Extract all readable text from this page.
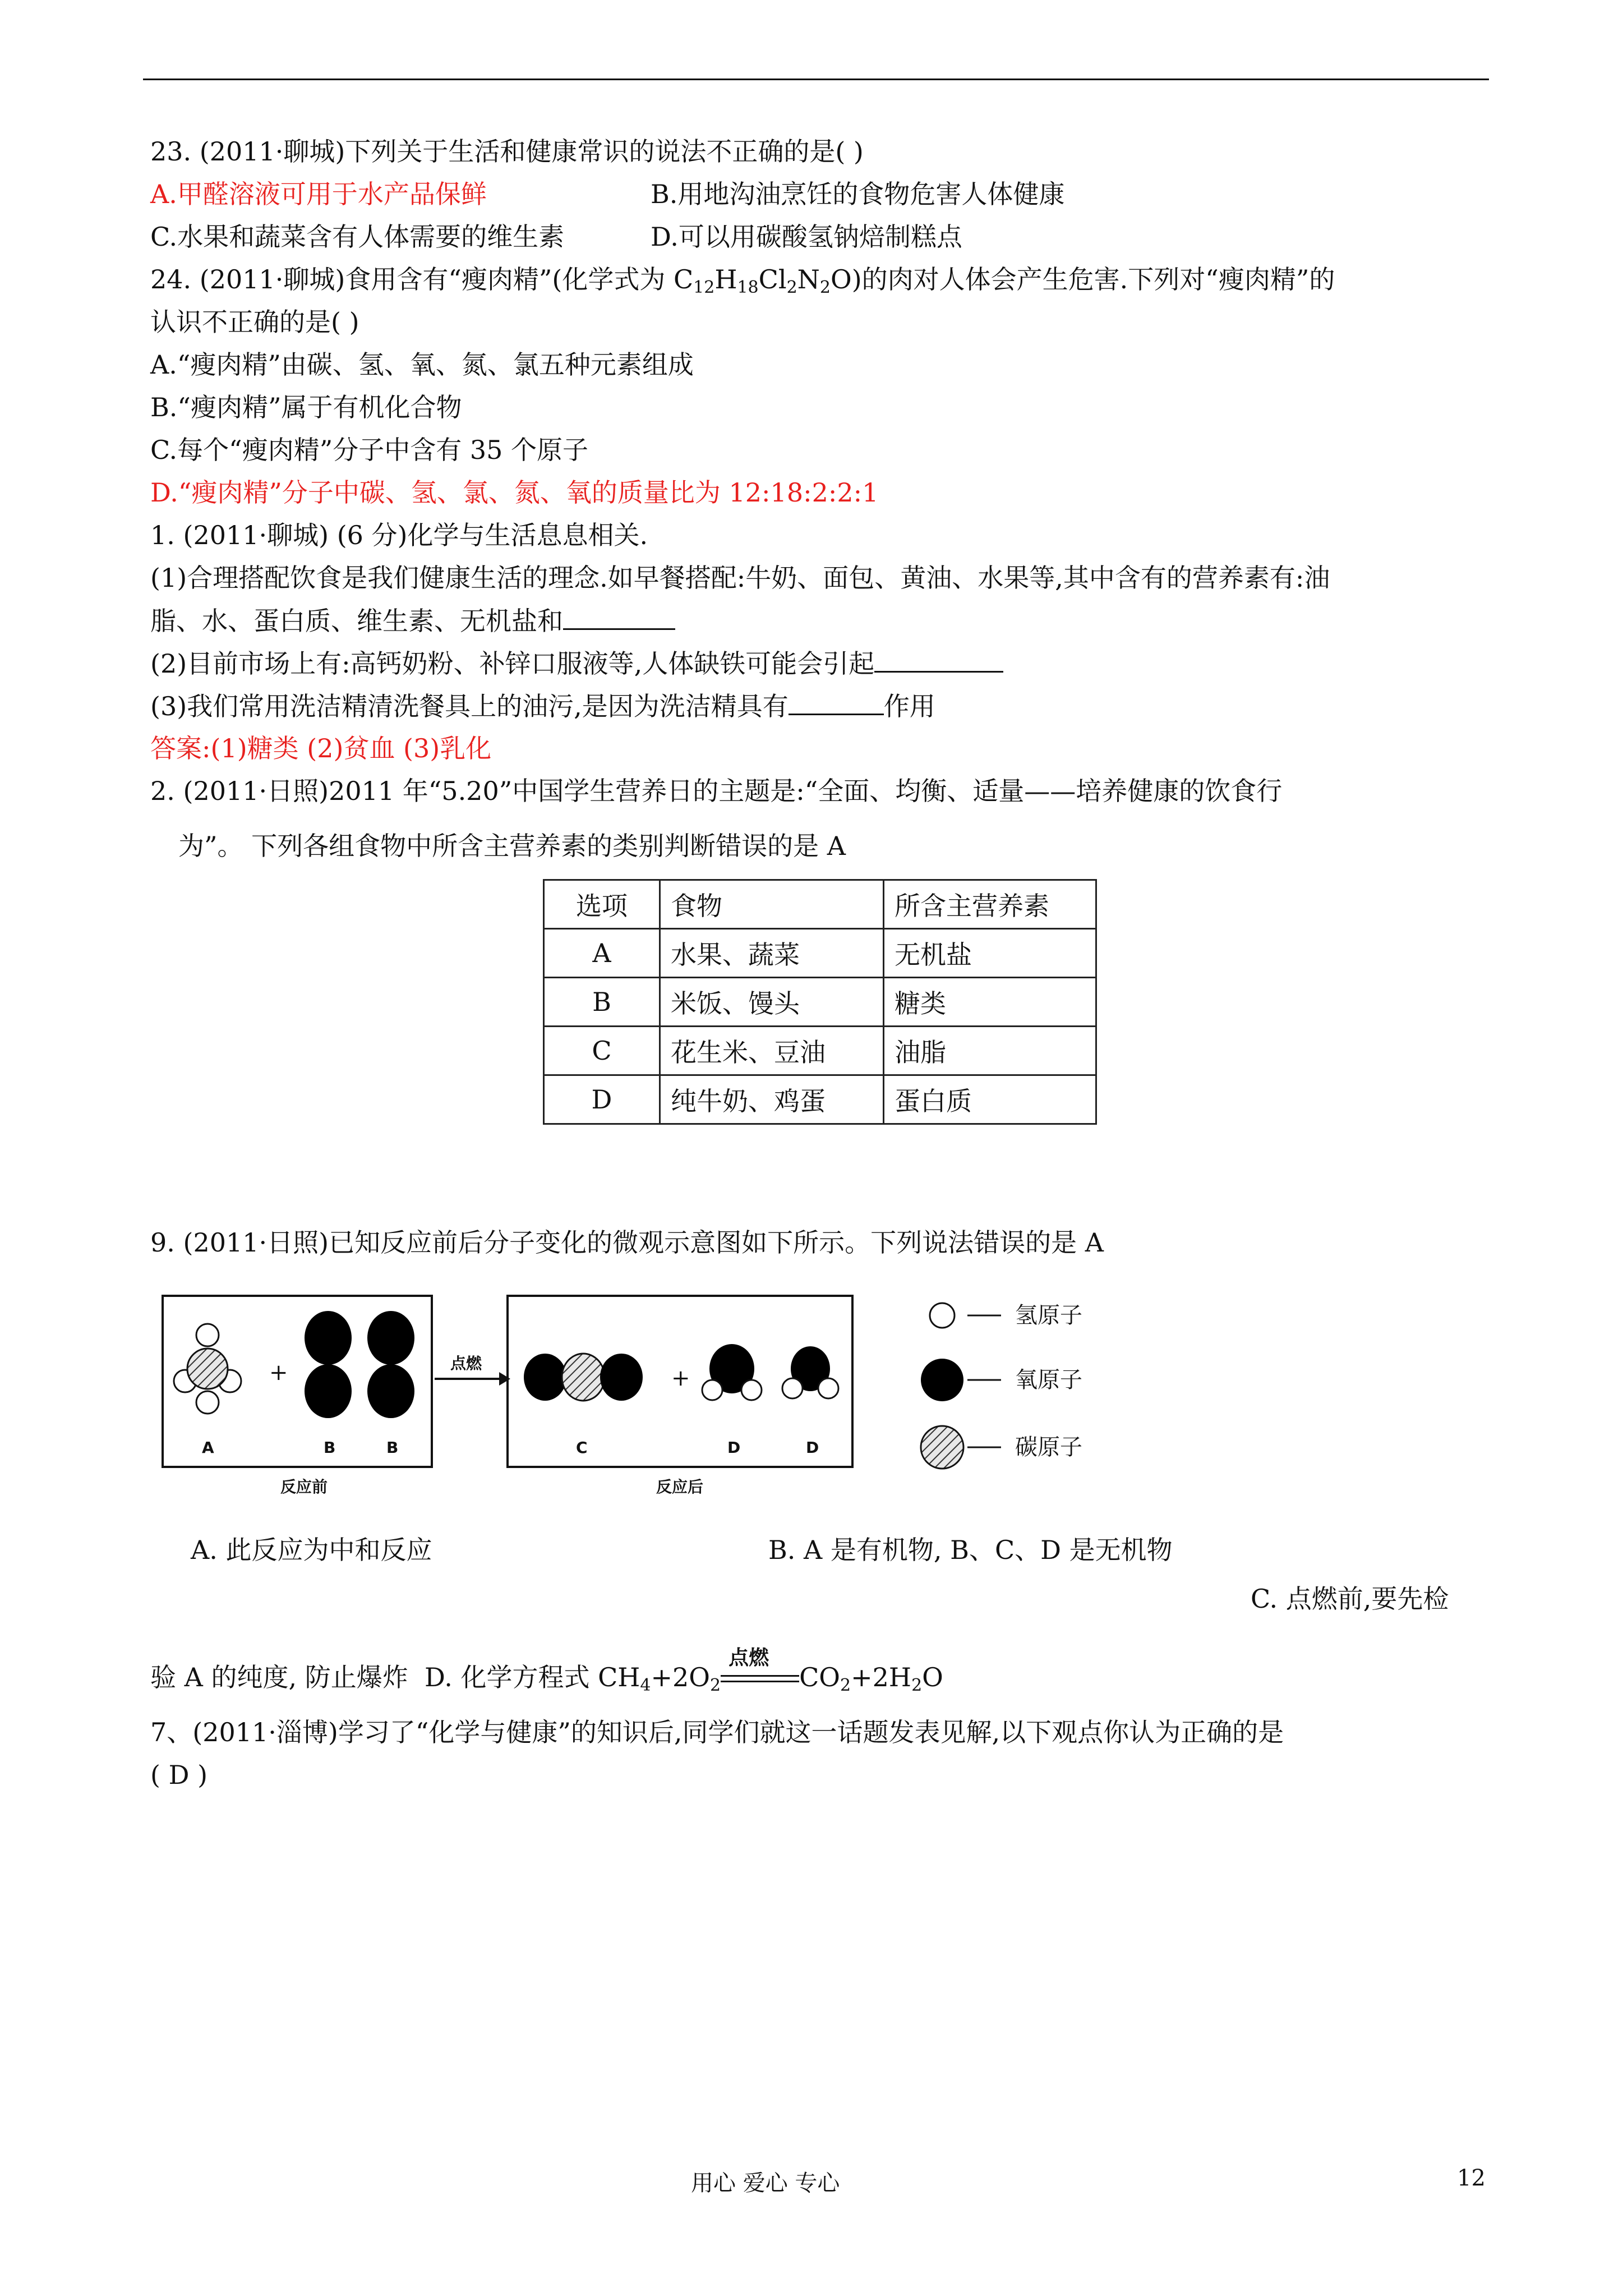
23. (2011·聊城)下列关于生活和健康常识的说法不正确的是( )
A.甲醛溶液可用于水产品保鲜	B.用地沟油烹饪的食物危害人体健康
C.水果和蔬菜含有人体需要的维生素	D.可以用碳酸氢钠焙制糕点
24. (2011·聊城)食用含有“瘦肉精”(化学式为 $C_{12}H_{18}Cl_2N_2O$)的肉对人体会产生危害.下列对“瘦肉精”的
认识不正确的是( )
A.“瘦肉精”由碳、氢、氧、氮、氯五种元素组成
B.“瘦肉精”属于有机化合物
C.每个“瘦肉精”分子中含有 35 个原子
D.“瘦肉精”分子中碳、氢、氯、氮、氧的质量比为 12:18:2:2:1
1. (2011·聊城) (6 分)化学与生活息息相关.
(1)合理搭配饮食是我们健康生活的理念.如早餐搭配:牛奶、面包、黄油、水果等,其中含有的营养素有:油
脂、水、蛋白质、维生素、无机盐和
(2)目前市场上有:高钙奶粉、补锌口服液等,人体缺铁可能会引起
(3)我们常用洗洁精清洗餐具上的油污,是因为洗洁精具有	作用
答案:(1)糖类 (2)贫血 (3)乳化
2. (2011·日照)2011 年“5.20”中国学生营养日的主题是:“全面、均衡、适量——培养健康的饮食行
为”。 下列各组食物中所含主营养素的类别判断错误的是 A
选项	食物	所含主营养素
A	水果、蔬菜	无机盐
B	米饭、馒头	糖类
C	花生米、豆油	油脂
D	纯牛奶、鸡蛋	蛋白质
9. (2011·日照)已知反应前后分子变化的微观示意图如下所示。下列说法错误的是 A
+
A	B	B
反应前
点燃
+
C	D	D
反应后
氢原子
氧原子
碳原子
A. 此反应为中和反应	B. A 是有机物, B、C、D 是无机物
C. 点燃前,要先检
验 A 的纯度, 防止爆炸 D. 化学方程式 $CH_4+2O_2$
点燃
$CO_2+2H_2O$
7、(2011·淄博)学习了“化学与健康”的知识后,同学们就这一话题发表见解,以下观点你认为正确的是
( D )
用心 爱心 专心	12
